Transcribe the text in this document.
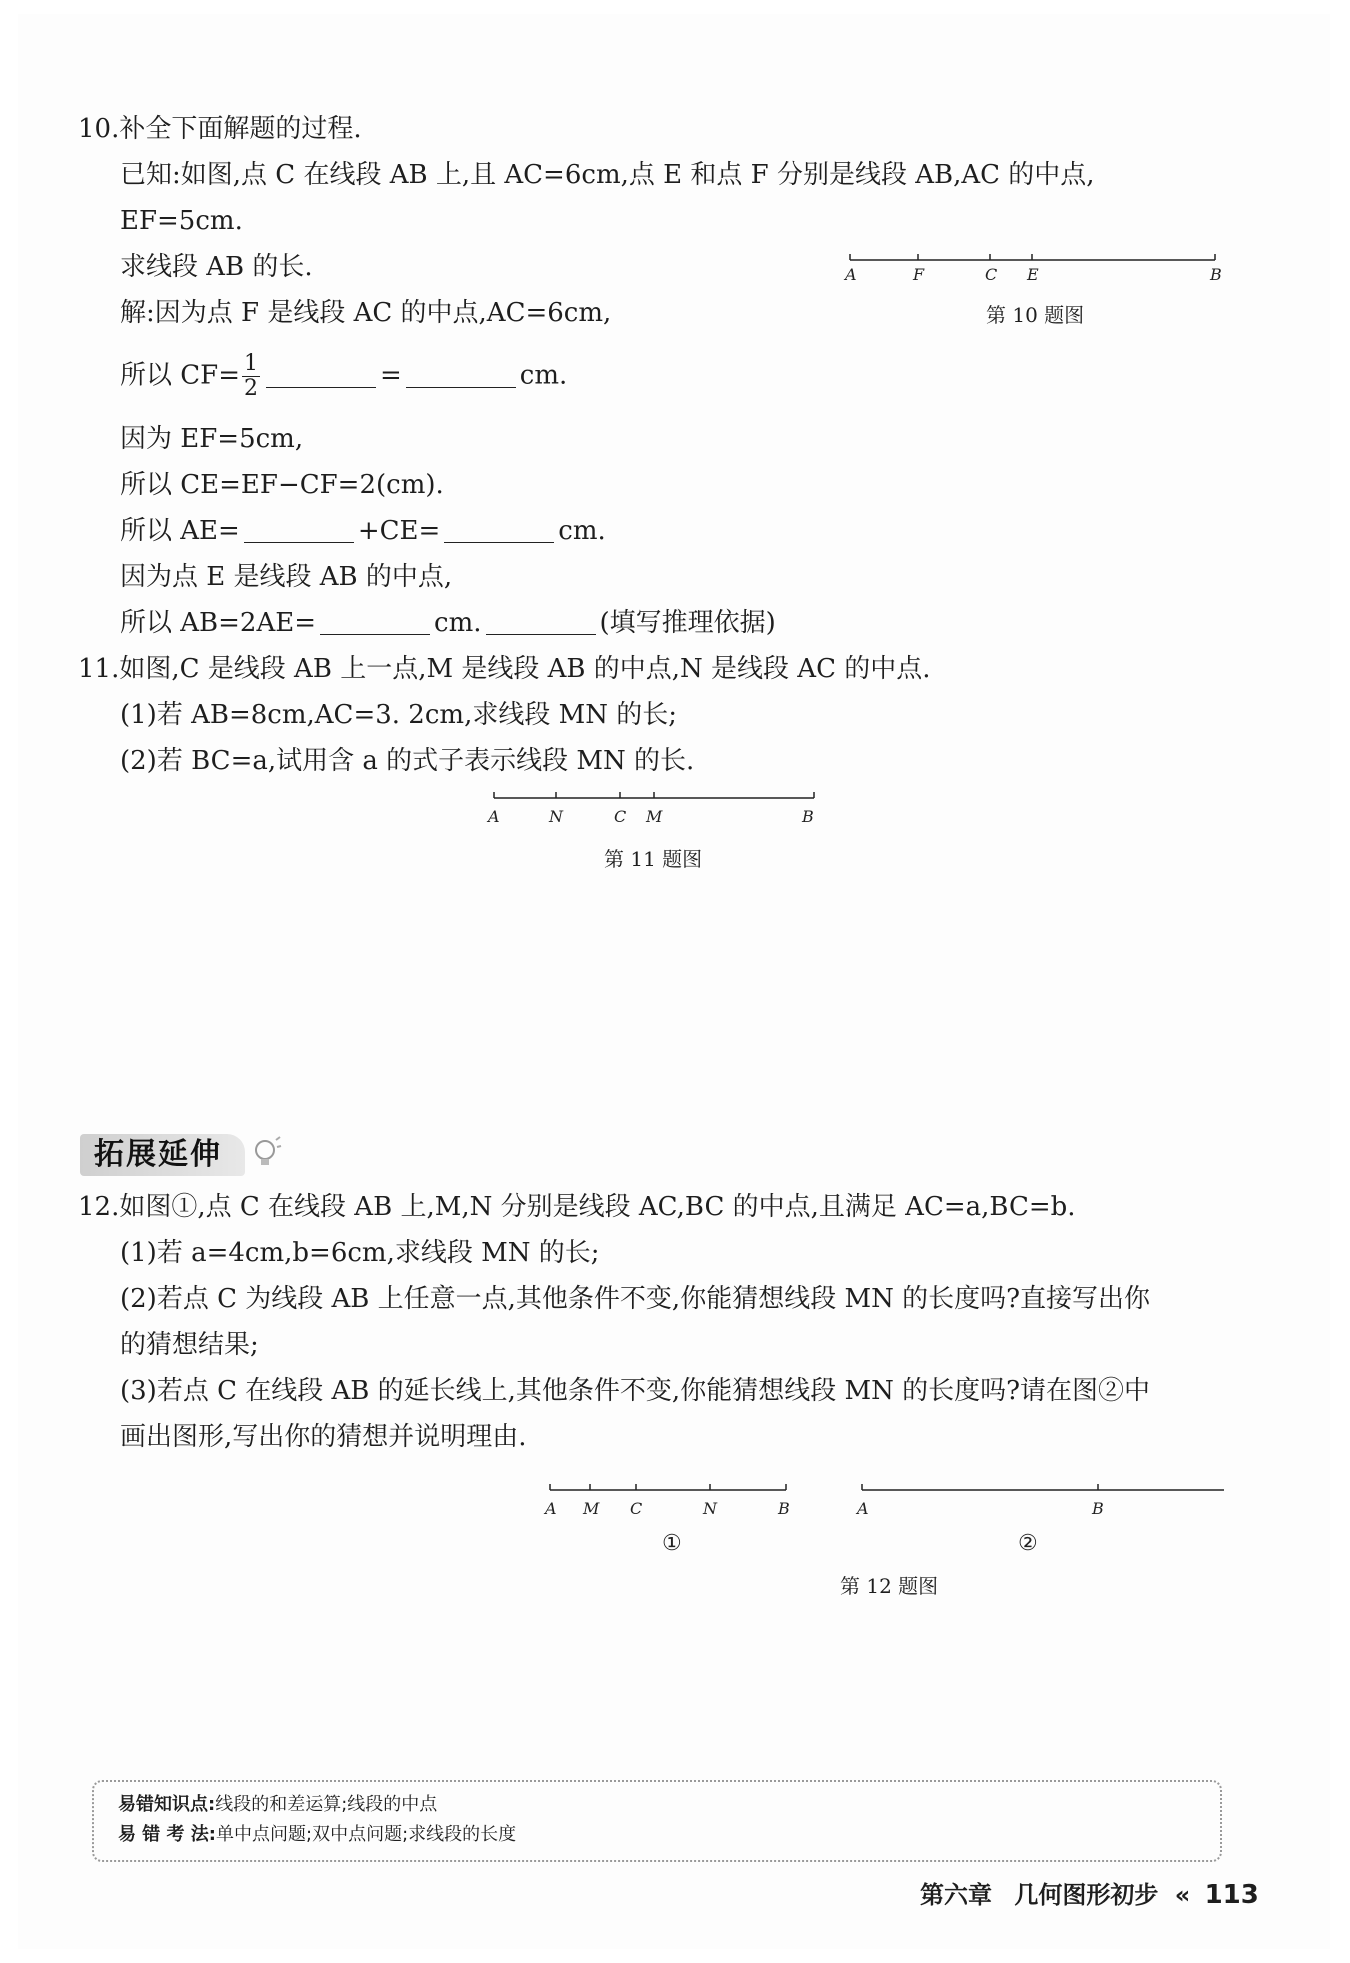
10.补全下面解题的过程.
已知:如图,点 C 在线段 AB 上,且 AC=6cm,点 E 和点 F 分别是线段 AB,AC 的中点,
EF=5cm.
求线段 AB 的长.
解:因为点 F 是线段 AC 的中点,AC=6cm,
所以 $CF= \frac{1}{2}$	=	cm.
因为 EF=5cm,
所以 CE=EF−CF=2(cm).
所以 AE=	+CE=	cm.
因为点 E 是线段 AB 的中点,
所以 AB=2AE=	cm.	(填写推理依据)
A	F	C E	B
第 10 题图
11.如图,C 是线段 AB 上一点,M 是线段 AB 的中点,N 是线段 AC 的中点.
(1)若 AB=8cm,AC=3. 2cm,求线段 MN 的长;
(2)若 BC=a,试用含 a 的式子表示线段 MN 的长.
A	N	C M	B
第 11 题图
拓展延伸
12.如图①,点 C 在线段 AB 上,M,N 分别是线段 AC,BC 的中点,且满足 AC=a,BC=b.
(1)若 a=4cm,b=6cm,求线段 MN 的长;
(2)若点 C 为线段 AB 上任意一点,其他条件不变,你能猜想线段 MN 的长度吗?直接写出你
的猜想结果;
(3)若点 C 在线段 AB 的延长线上,其他条件不变,你能猜想线段 MN 的长度吗?请在图②中
画出图形,写出你的猜想并说明理由.
A M C	N	B
①
A	B
②
第 12 题图
易错知识点:线段的和差运算;线段的中点
易 错 考 法:单中点问题;双中点问题;求线段的长度
第六章 几何图形初步 « 113
